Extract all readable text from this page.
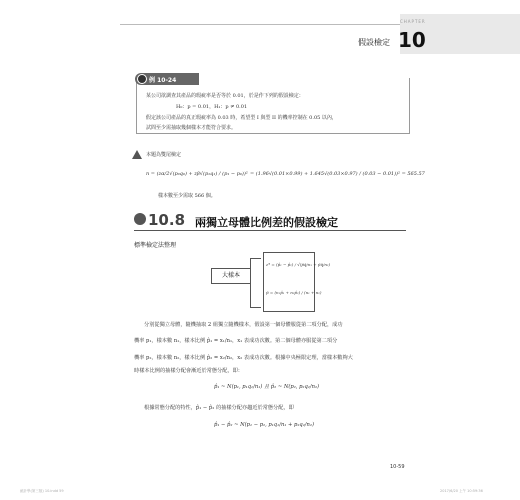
CHAPTER
假設檢定 10
例 10-24
某公司欲調查其產品的瑕疵率是否等於 0.01，於是作下列的假設檢定：
H₀：p = 0.01，H₁：p ≠ 0.01
假定該公司產品的真正瑕疵率為 0.03 時，希望型 I 與型 II 的機率控制在 0.05 以內，
試問至少需抽取幾個樣本才能符合要求。
本題為雙尾檢定
n = (zα/2√(p₀q₀) + zβ√(p₁q₁) / (p₁ − p₀))² = (1.96√(0.01×0.99) + 1.645√(0.03×0.97) / (0.03 − 0.01))² = 565.57
樣本數至少需取 566 個。
10.8 兩獨立母體比例差的假設檢定
標準檢定法整理
大樣本
z* = (p̂₁ − p̂₂) / √(p̄q̄/n₁ + p̄q̄/n₂)
p̄ = (n₁p̂₁ + n₂p̂₂) / (n₁ + n₂)
分別從獨立母體，隨機抽取 2 組獨立隨機樣本，假設第一個母體服從第二項分配，成功
機率 p₁，樣本數 n₁，樣本比例 p̂₁ = x₁/n₁，x₁ 表成功次數。第二個母體亦服從第二項分
機率 p₂，樣本數 n₂，樣本比例 p̂₂ = x₂/n₂，x₂ 表成功次數。根據中央極限定理，當樣本數夠大
時樣本比例的抽樣分配會漸近於常態分配，即：
p̂₁ ~ N(p₁, p₁q₁/n₁) 且 p̂₂ ~ N(p₂, p₂q₂/n₂)
根據常態分配的特性，p̂₁ − p̂₂ 的抽樣分配亦趨近於常態分配，即
p̂₁ − p̂₂ ~ N(p₁ − p₂, p₁q₁/n₁ + p₂q₂/n₂)
10-59
統計學(第三版) 10.indd 59	2017/6/20 上午 10:59:36
